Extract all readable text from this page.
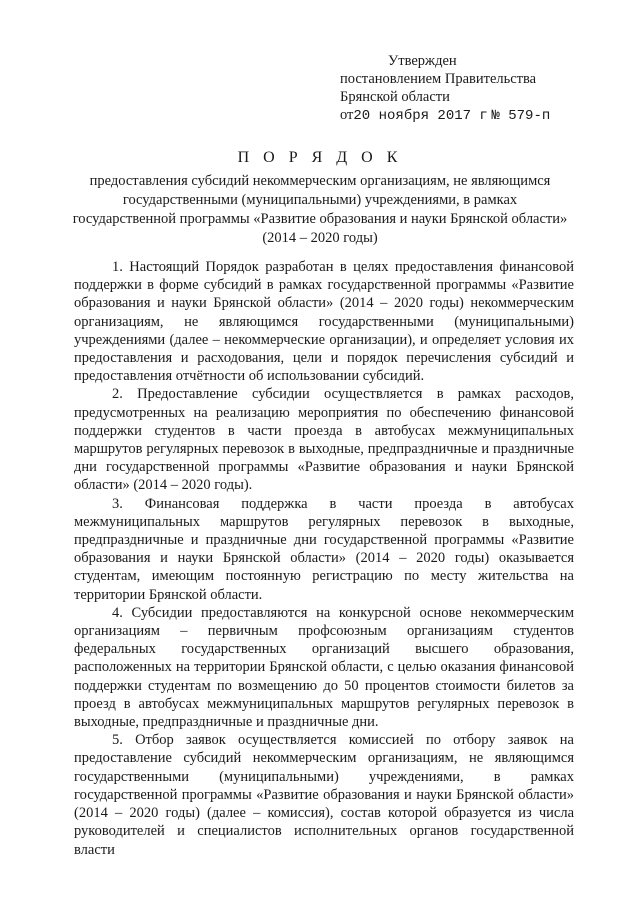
Утвержден
постановлением Правительства
Брянской области
от20 ноября 2017 г № 579-п
П О Р Я Д О К
предоставления субсидий некоммерческим организациям, не являющимся государственными (муниципальными) учреждениями, в рамках государственной программы «Развитие образования и науки Брянской области» (2014 – 2020 годы)

1. Настоящий Порядок разработан в целях предоставления финансовой поддержки в форме субсидий в рамках государственной программы «Развитие образования и науки Брянской области» (2014 – 2020 годы) некоммерческим организациям, не являющимся государственными (муниципальными) учреждениями (далее – некоммерческие организации), и определяет условия их предоставления и расходования, цели и порядок перечисления субсидий и предоставления отчётности об использовании субсидий.

2. Предоставление субсидии осуществляется в рамках расходов, предусмотренных на реализацию мероприятия по обеспечению финансовой поддержки студентов в части проезда в автобусах межмуниципальных маршрутов регулярных перевозок в выходные, предпраздничные и праздничные дни государственной программы «Развитие образования и науки Брянской области» (2014 – 2020 годы).

3. Финансовая поддержка в части проезда в автобусах межмуниципальных маршрутов регулярных перевозок в выходные, предпраздничные и праздничные дни государственной программы «Развитие образования и науки Брянской области» (2014 – 2020 годы) оказывается студентам, имеющим постоянную регистрацию по месту жительства на территории Брянской области.

4. Субсидии предоставляются на конкурсной основе некоммерческим организациям – первичным профсоюзным организациям студентов федеральных государственных организаций высшего образования, расположенных на территории Брянской области, с целью оказания финансовой поддержки студентам по возмещению до 50 процентов стоимости билетов за проезд в автобусах межмуниципальных маршрутов регулярных перевозок в выходные, предпраздничные и праздничные дни.

5. Отбор заявок осуществляется комиссией по отбору заявок на предоставление субсидий некоммерческим организациям, не являющимся государственными (муниципальными) учреждениями, в рамках государственной программы «Развитие образования и науки Брянской области» (2014 – 2020 годы) (далее – комиссия), состав которой образуется из числа руководителей и специалистов исполнительных органов государственной власти
